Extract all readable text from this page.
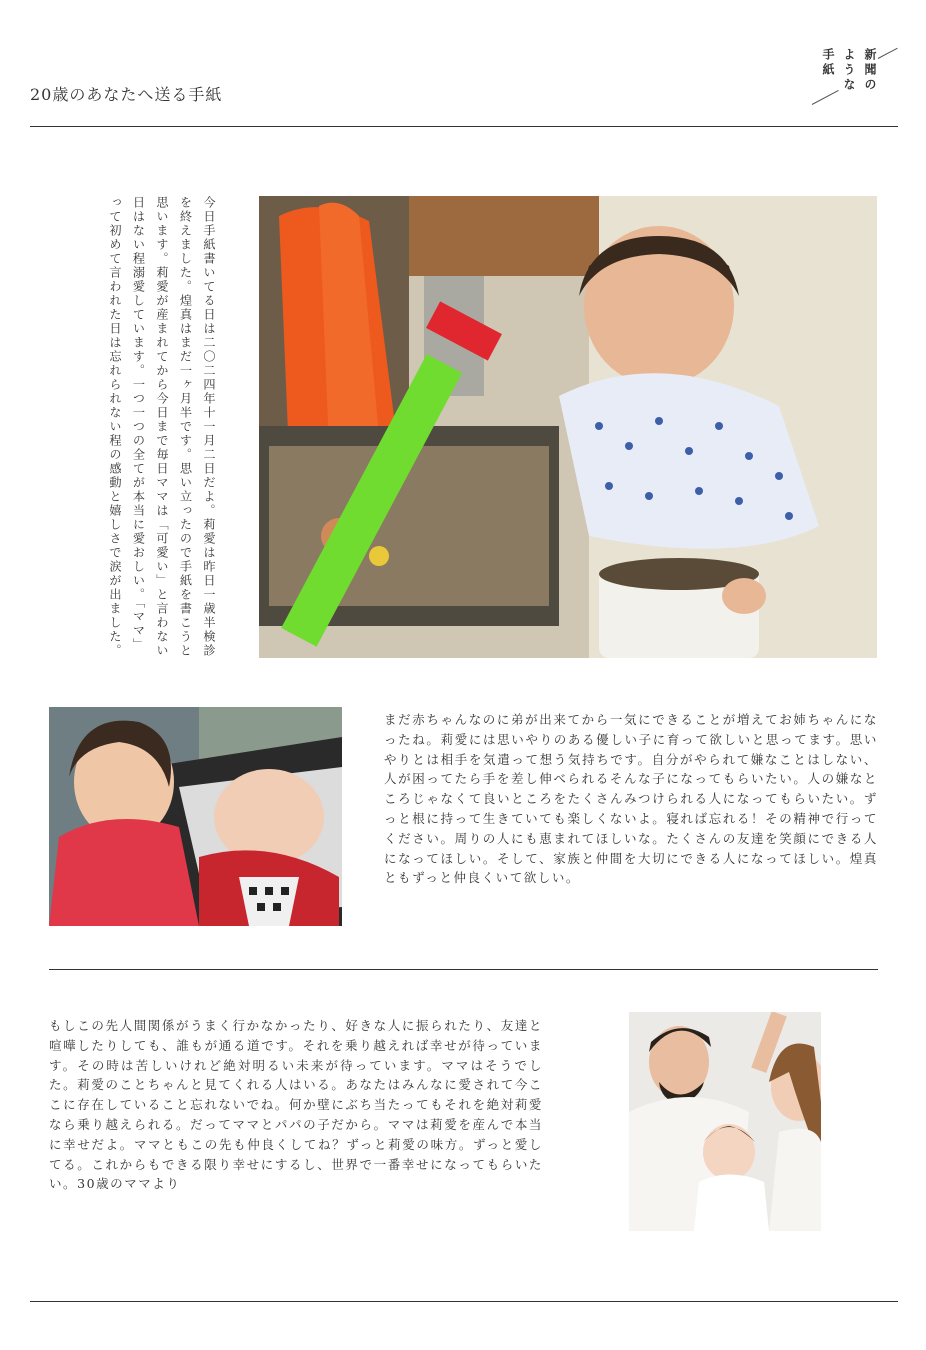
20歳のあなたへ送る手紙
新聞の
ような
手紙
今日手紙書いてる日は二〇二四年十一月二日だよ。莉愛は昨日一歳半検診を終えました。煌真はまだ一ヶ月半です。思い立ったので手紙を書こうと思います。莉愛が産まれてから今日まで毎日ママは「可愛い」と言わない日はない程溺愛しています。一つ一つの全てが本当に愛おしい。「ママ」って初めて言われた日は忘れられない程の感動と嬉しさで涙が出ました。
まだ赤ちゃんなのに弟が出来てから一気にできることが増えてお姉ちゃんになったね。莉愛には思いやりのある優しい子に育って欲しいと思ってます。思いやりとは相手を気遣って想う気持ちです。自分がやられて嫌なことはしない、人が困ってたら手を差し伸べられるそんな子になってもらいたい。人の嫌なところじゃなくて良いところをたくさんみつけられる人になってもらいたい。ずっと根に持って生きていても楽しくないよ。寝れば忘れる！その精神で行ってください。周りの人にも恵まれてほしいな。たくさんの友達を笑顔にできる人になってほしい。そして、家族と仲間を大切にできる人になってほしい。煌真ともずっと仲良くいて欲しい。
もしこの先人間関係がうまく行かなかったり、好きな人に振られたり、友達と喧嘩したりしても、誰もが通る道です。それを乗り越えれば幸せが待っています。その時は苦しいけれど絶対明るい未来が待っています。ママはそうでした。莉愛のことちゃんと見てくれる人はいる。あなたはみんなに愛されて今ここに存在していること忘れないでね。何か壁にぶち当たってもそれを絶対莉愛なら乗り越えられる。だってママとパパの子だから。ママは莉愛を産んで本当に幸せだよ。ママともこの先も仲良くしてね？ずっと莉愛の味方。ずっと愛してる。これからもできる限り幸せにするし、世界で一番幸せになってもらいたい。30歳のママより
